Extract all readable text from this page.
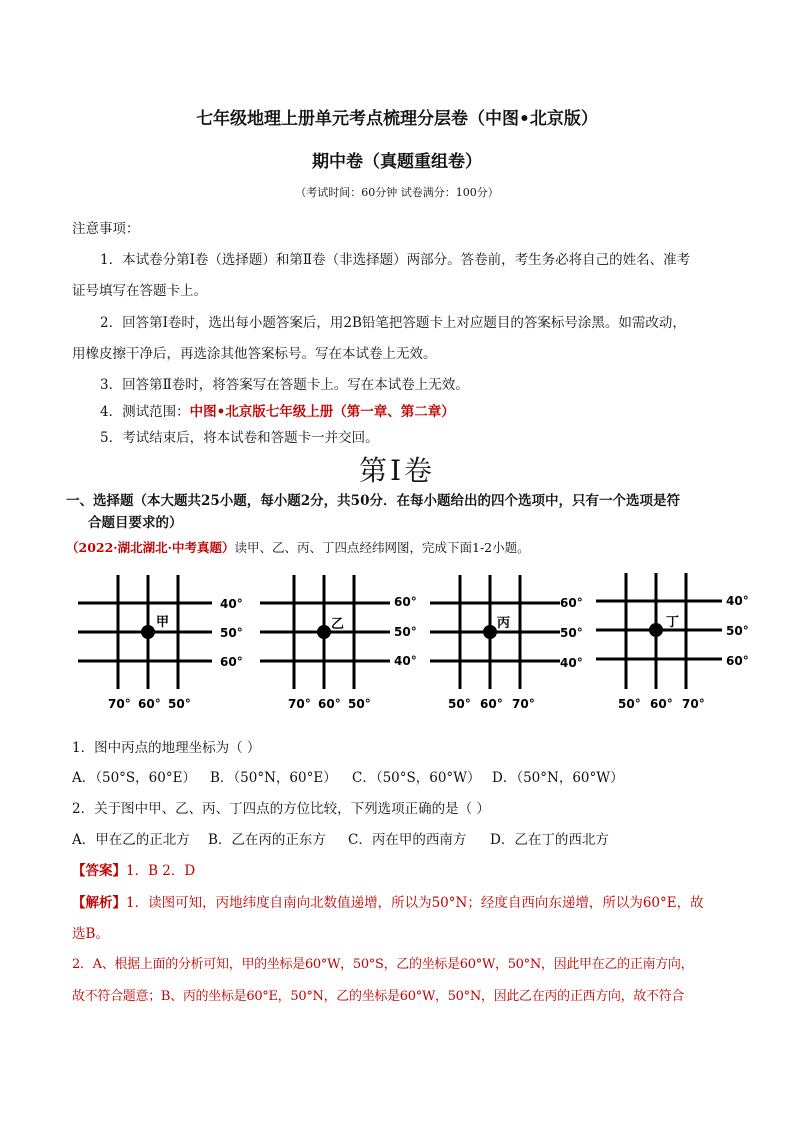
七年级地理上册单元考点梳理分层卷（中图•北京版）
期中卷（真题重组卷）
（考试时间：60分钟 试卷满分：100分）
注意事项：
1．本试卷分第Ⅰ卷（选择题）和第Ⅱ卷（非选择题）两部分。答卷前，考生务必将自己的姓名、准考
证号填写在答题卡上。
2．回答第Ⅰ卷时，选出每小题答案后，用2B铅笔把答题卡上对应题目的答案标号涂黑。如需改动，
用橡皮擦干净后，再选涂其他答案标号。写在本试卷上无效。
3．回答第Ⅱ卷时，将答案写在答题卡上。写在本试卷上无效。
4．测试范围：中图•北京版七年级上册（第一章、第二章）
5．考试结束后，将本试卷和答题卡一并交回。
第Ⅰ卷
一、选择题（本大题共25小题，每小题2分，共50分．在每小题给出的四个选项中，只有一个选项是符
合题目要求的）
（2022·湖北湖北·中考真题）读甲、乙、丙、丁四点经纬网图，完成下面1-2小题。
甲
40°
50°
60°
70° 60° 50°
乙
60°
50°
40°
70° 60° 50°
丙
60°
50°
40°
50° 60° 70°
丁
40°
50°
60°
50° 60° 70°
1．图中丙点的地理坐标为（ ）
A．（50°S，60°E） B．（50°N，60°E） C．（50°S，60°W） D．（50°N，60°W）
2．关于图中甲、乙、丙、丁四点的方位比较，下列选项正确的是（ ）
A．甲在乙的正北方 B．乙在丙的正东方 C．丙在甲的西南方 D．乙在丁的西北方
【答案】1．B 2．D
【解析】1．读图可知，丙地纬度自南向北数值递增，所以为50°N；经度自西向东递增，所以为60°E，故
选B。
2．A、根据上面的分析可知，甲的坐标是60°W，50°S，乙的坐标是60°W，50°N，因此甲在乙的正南方向，
故不符合题意；B、丙的坐标是60°E，50°N，乙的坐标是60°W，50°N，因此乙在丙的正西方向，故不符合
